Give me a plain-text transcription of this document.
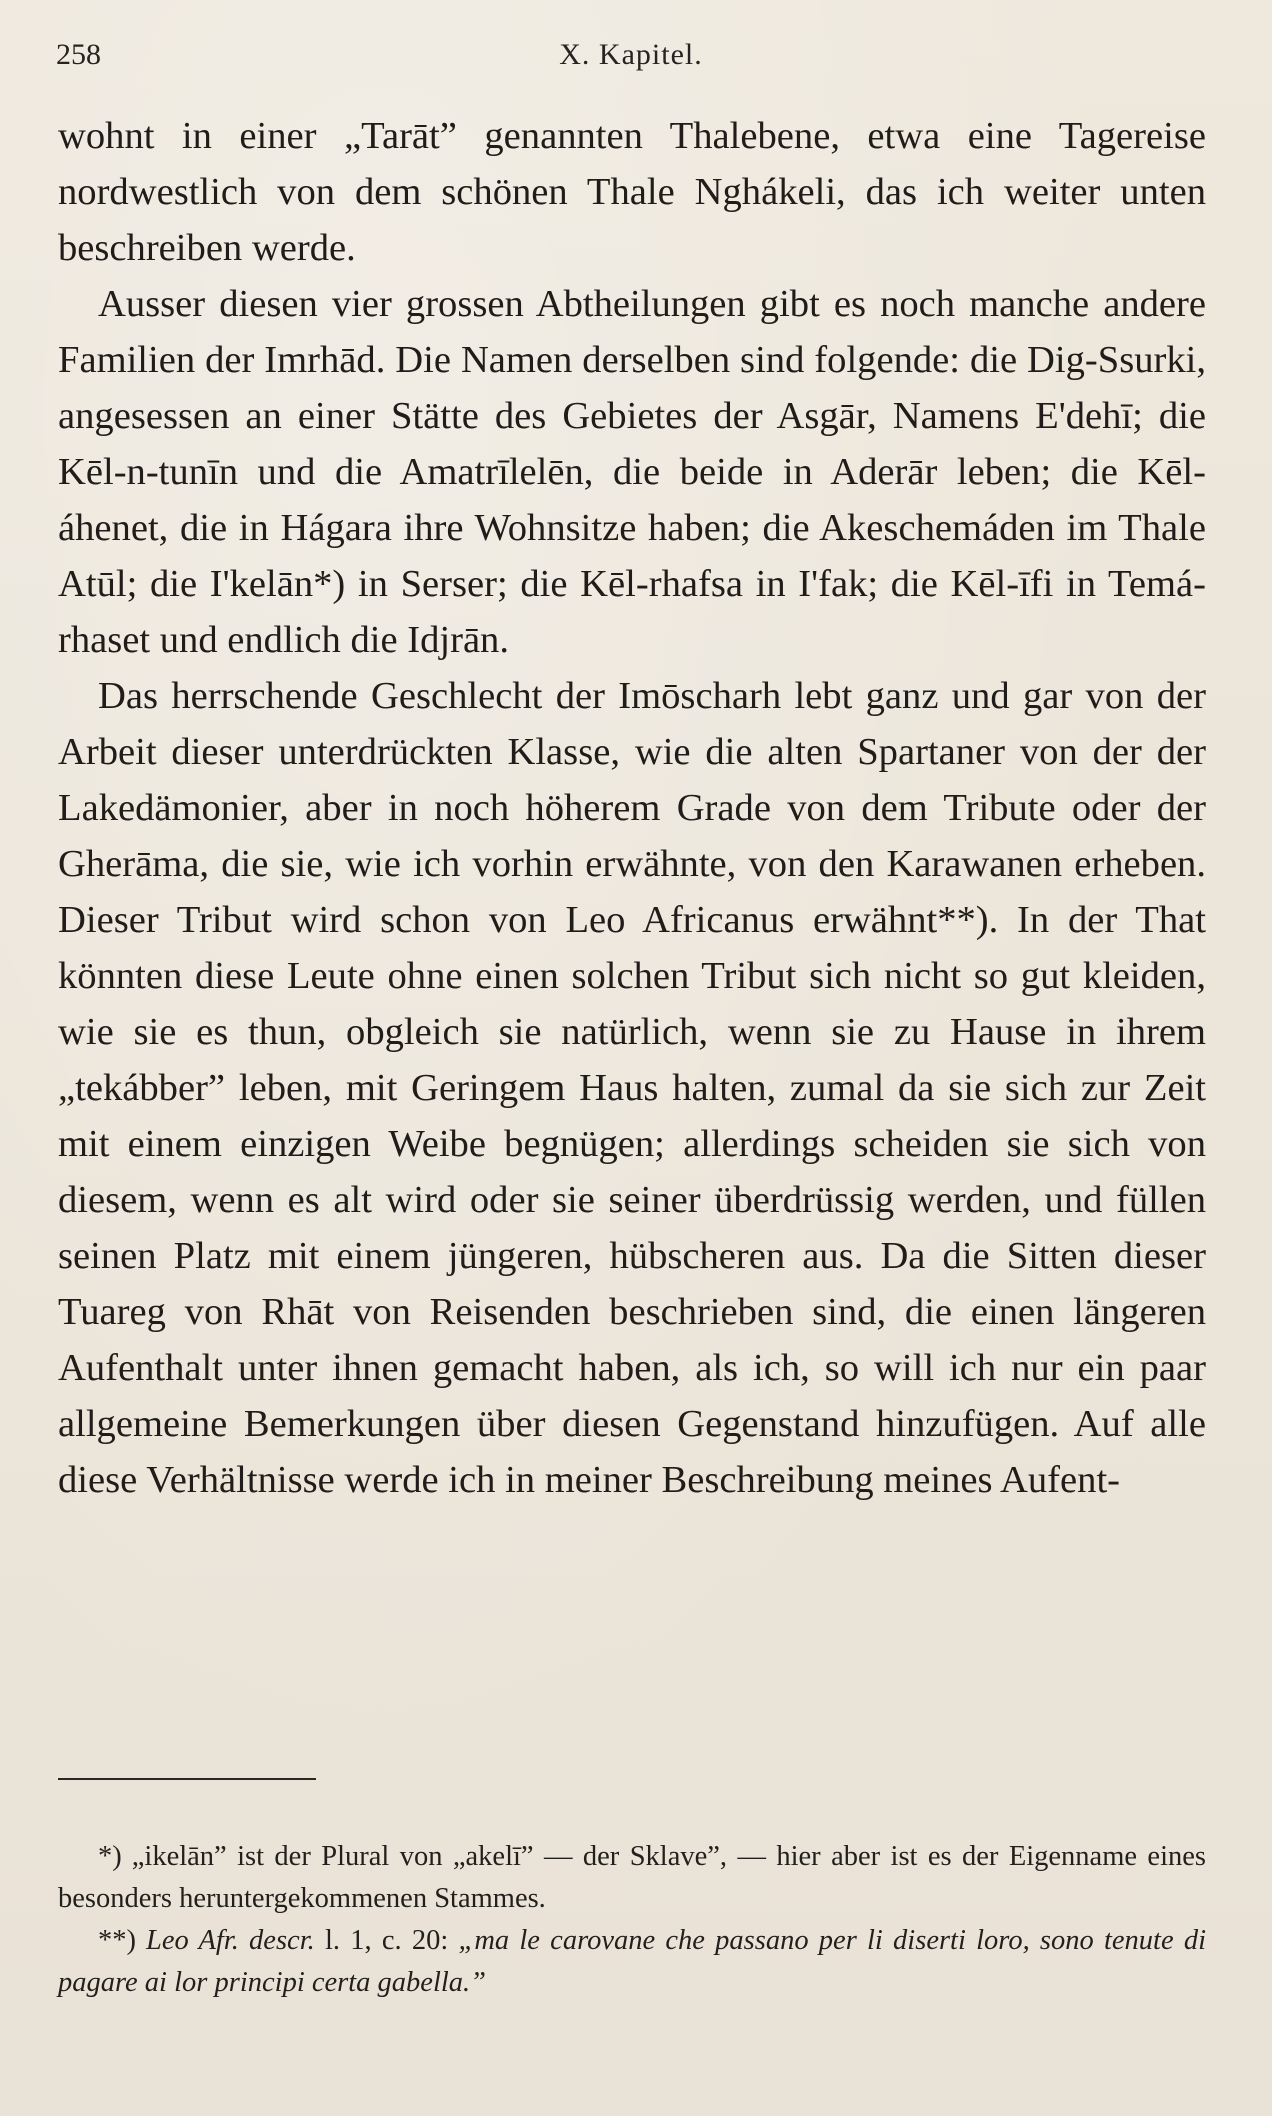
258	X. Kapitel.

wohnt in einer „Tarāt” genannten Thalebene, etwa eine Tagereise nordwestlich von dem schönen Thale Nghákeli, das ich weiter unten beschreiben werde.

Ausser diesen vier grossen Abtheilungen gibt es noch manche andere Familien der Imrhād. Die Namen derselben sind folgende: die Dig-Ssurki, angesessen an einer Stätte des Gebietes der Asgār, Namens E'dehī; die Kēl-n-tunīn und die Amatrīlelēn, die beide in Aderār leben; die Kēl-áhenet, die in Hágara ihre Wohnsitze haben; die Akeschemáden im Thale Atūl; die I'kelān*) in Serser; die Kēl-rhafsa in I'fak; die Kēl-īfi in Temá-rhaset und endlich die Idjrān.

Das herrschende Geschlecht der Imōscharh lebt ganz und gar von der Arbeit dieser unterdrückten Klasse, wie die alten Spartaner von der der Lakedämonier, aber in noch höherem Grade von dem Tribute oder der Gherāma, die sie, wie ich vorhin erwähnte, von den Karawanen erheben. Dieser Tribut wird schon von Leo Africanus erwähnt**). In der That könnten diese Leute ohne einen solchen Tribut sich nicht so gut kleiden, wie sie es thun, obgleich sie natürlich, wenn sie zu Hause in ihrem „tekábber” leben, mit Geringem Haus halten, zumal da sie sich zur Zeit mit einem einzigen Weibe begnügen; allerdings scheiden sie sich von diesem, wenn es alt wird oder sie seiner überdrüssig werden, und füllen seinen Platz mit einem jüngeren, hübscheren aus. Da die Sitten dieser Tuareg von Rhāt von Reisenden beschrieben sind, die einen längeren Aufenthalt unter ihnen gemacht haben, als ich, so will ich nur ein paar allgemeine Bemerkungen über diesen Gegenstand hinzufügen. Auf alle diese Verhältnisse werde ich in meiner Beschreibung meines Aufent-

*) „ikelān” ist der Plural von „akelī” — der Sklave”, — hier aber ist es der Eigenname eines besonders heruntergekommenen Stammes.

**) Leo Afr. descr. l. 1, c. 20: „ma le carovane che passano per li diserti loro, sono tenute di pagare ai lor principi certa gabella.”
